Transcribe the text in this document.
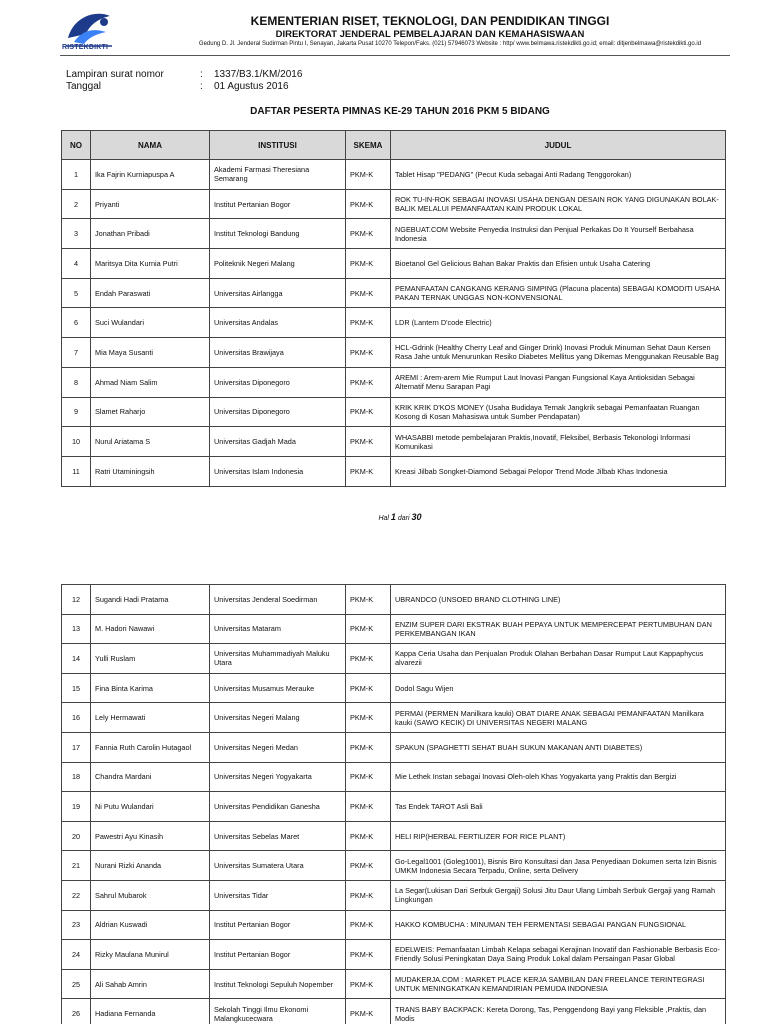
RISTEKDIKTI
KEMENTERIAN RISET, TEKNOLOGI, DAN PENDIDIKAN TINGGI
DIREKTORAT JENDERAL PEMBELAJARAN DAN KEMAHASISWAAN
Gedung D. Jl. Jenderal Sudirman Pintu I, Senayan, Jakarta Pusat 10270 Telepon/Faks. (021) 57946073 Website : http/ www.belmawa.ristekdikti.go.id; email: ditjenbelmawa@ristekdikti.go.id
Lampiran surat nomor	: 1337/B3.1/KM/2016
Tanggal	: 01 Agustus 2016
DAFTAR PESERTA PIMNAS KE-29 TAHUN 2016 PKM 5 BIDANG
NO	NAMA	INSTITUSI	SKEMA	JUDUL
1	Ika Fajrin Kurniapuspa A	Akademi Farmasi Theresiana Semarang	PKM-K	Tablet Hisap "PEDANG" (Pecut Kuda sebagai Anti Radang Tenggorokan)
2	Priyanti	Institut Pertanian Bogor	PKM-K	ROK TU-IN-ROK SEBAGAI INOVASI USAHA DENGAN DESAIN ROK YANG DIGUNAKAN BOLAK-BALIK MELALUI PEMANFAATAN KAIN PRODUK LOKAL
3	Jonathan Pribadi	Institut Teknologi Bandung	PKM-K	NGEBUAT.COM Website Penyedia Instruksi dan Penjual Perkakas Do It Yourself Berbahasa Indonesia
4	Maritsya Dita Kurnia Putri	Politeknik Negeri Malang	PKM-K	Bioetanol Gel Gelicious Bahan Bakar Praktis dan Efisien untuk Usaha Catering
5	Endah Paraswati	Universitas Airlangga	PKM-K	PEMANFAATAN CANGKANG KERANG SIMPING (Placuna placenta) SEBAGAI KOMODITI USAHA PAKAN TERNAK UNGGAS NON-KONVENSIONAL
6	Suci Wulandari	Universitas Andalas	PKM-K	LDR (Lantern D'code Electric)
7	Mia Maya Susanti	Universitas Brawijaya	PKM-K	HCL-Gdrink (Healthy Cherry Leaf and Ginger Drink) Inovasi Produk Minuman Sehat Daun Kersen Rasa Jahe untuk Menurunkan Resiko Diabetes Mellitus yang Dikemas Menggunakan Reusable Bag
8	Ahmad Niam Salim	Universitas Diponegoro	PKM-K	AREMI : Arem-arem Mie Rumput Laut Inovasi Pangan Fungsional Kaya Antioksidan Sebagai Alternatif Menu Sarapan Pagi
9	Slamet Raharjo	Universitas Diponegoro	PKM-K	KRIK KRIK D'KOS MONEY (Usaha Budidaya Ternak Jangkrik sebagai Pemanfaatan Ruangan Kosong di Kosan Mahasiswa untuk Sumber Pendapatan)
10	Nurul Ariatama S	Universitas Gadjah Mada	PKM-K	WHASABBI metode pembelajaran Praktis,Inovatif, Fleksibel, Berbasis Tekonologi Informasi Komunikasi
11	Ratri Utaminingsih	Universitas Islam Indonesia	PKM-K	Kreasi Jilbab Songket-Diamond Sebagai Pelopor Trend Mode Jilbab Khas Indonesia
Hal 1 dari 30
12	Sugandi Hadi Pratama	Universitas Jenderal Soedirman	PKM-K	UBRANDCO (UNSOED BRAND CLOTHING LINE)
13	M. Hadori Nawawi	Universitas Mataram	PKM-K	ENZIM SUPER DARI EKSTRAK BUAH PEPAYA UNTUK MEMPERCEPAT PERTUMBUHAN DAN PERKEMBANGAN IKAN
14	Yulli Ruslam	Universitas Muhammadiyah Maluku Utara	PKM-K	Kappa Ceria Usaha dan Penjualan Produk Olahan Berbahan Dasar Rumput Laut Kappaphycus alvarezii
15	Fina Binta Karima	Universitas Musamus Merauke	PKM-K	Dodol Sagu Wijen
16	Lely Hermawati	Universitas Negeri Malang	PKM-K	PERMAI (PERMEN Manilkara kauki) OBAT DIARE ANAK SEBAGAI PEMANFAATAN Manilkara kauki (SAWO KECIK) DI UNIVERSITAS NEGERI MALANG
17	Fannia Ruth Carolin Hutagaol	Universitas Negeri Medan	PKM-K	SPAKUN (SPAGHETTI SEHAT BUAH SUKUN MAKANAN ANTI DIABETES)
18	Chandra Mardani	Universitas Negeri Yogyakarta	PKM-K	Mie Lethek Instan sebagai Inovasi Oleh-oleh Khas Yogyakarta yang Praktis dan Bergizi
19	Ni Putu Wulandari	Universitas Pendidikan Ganesha	PKM-K	Tas Endek TAROT Asli Bali
20	Pawestri Ayu Kinasih	Universitas Sebelas Maret	PKM-K	HELI RIP(HERBAL FERTILIZER FOR RICE PLANT)
21	Nurani Rizki Ananda	Universitas Sumatera Utara	PKM-K	Go-Legal1001 (Goleg1001), Bisnis Biro Konsultasi dan Jasa Penyediaan Dokumen serta Izin Bisnis UMKM Indonesia Secara Terpadu, Online, serta Delivery
22	Sahrul Mubarok	Universitas Tidar	PKM-K	La Segar(Lukisan Dari Serbuk Gergaji) Solusi Jitu Daur Ulang Limbah Serbuk Gergaji yang Ramah Lingkungan
23	Aldrian Kuswadi	Institut Pertanian Bogor	PKM-K	HAKKO KOMBUCHA : MINUMAN TEH FERMENTASI SEBAGAI PANGAN FUNGSIONAL
24	Rizky Maulana Munirul	Institut Pertanian Bogor	PKM-K	EDELWEIS: Pemanfaatan Limbah Kelapa sebagai Kerajinan Inovatif dan Fashionable Berbasis Eco-Friendly Solusi Peningkatan Daya Saing Produk Lokal dalam Persaingan Pasar Global
25	Ali Sahab Amrin	Institut Teknologi Sepuluh Nopember	PKM-K	MUDAKERJA.COM : MARKET PLACE KERJA SAMBILAN DAN FREELANCE TERINTEGRASI UNTUK MENINGKATKAN KEMANDIRIAN PEMUDA INDONESIA
26	Hadiana Fernanda	Sekolah Tinggi Ilmu Ekonomi Malangkucecwara	PKM-K	TRANS BABY BACKPACK: Kereta Dorong, Tas, Penggendong Bayi yang Fleksible ,Praktis, dan Modis
